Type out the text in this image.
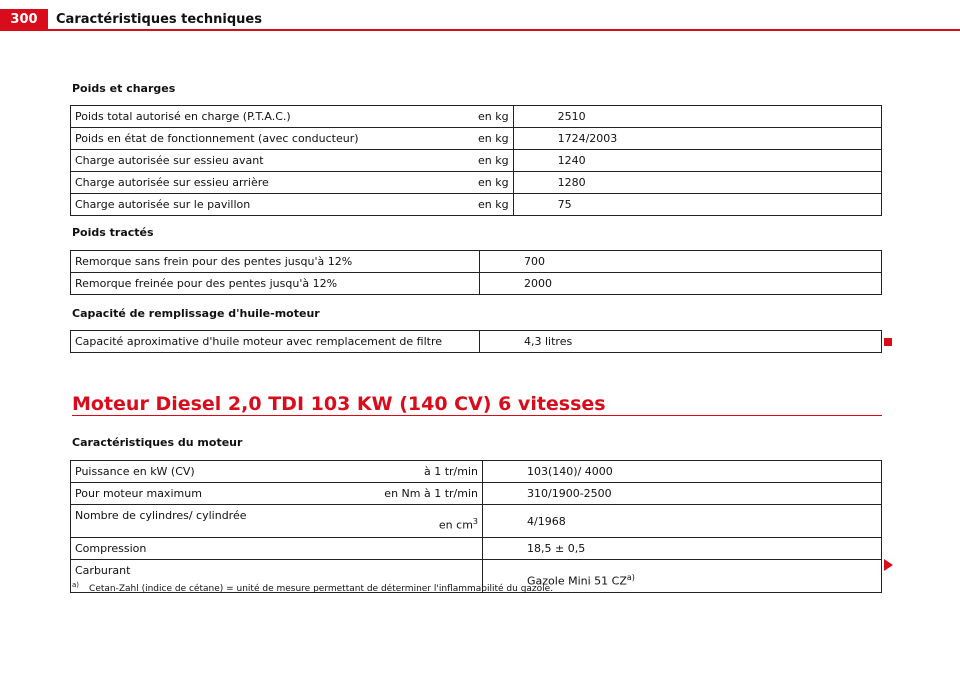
300	Caractéristiques techniques
Poids et charges
Poids total autorisé en charge (P.T.A.C.)	en kg	2510
Poids en état de fonctionnement (avec conducteur)	en kg	1724/2003
Charge autorisée sur essieu avant	en kg	1240
Charge autorisée sur essieu arrière	en kg	1280
Charge autorisée sur le pavillon	en kg	75
Poids tractés
Remorque sans frein pour des pentes jusqu'à 12%	700
Remorque freinée pour des pentes jusqu'à 12%	2000
Capacité de remplissage d'huile-moteur
Capacité aproximative d'huile moteur avec remplacement de filtre	4,3 litres
Moteur Diesel 2,0 TDI 103 KW (140 CV) 6 vitesses
Caractéristiques du moteur
Puissance en kW (CV)	à 1 tr/min	103(140)/ 4000
Pour moteur maximum	en Nm à 1 tr/min	310/1900-2500
Nombre de cylindres/ cylindrée	en $cm^3$	4/1968
Compression		18,5 ± 0,5
Carburant		Gazole Mini 51 CZ$^{a)}$
$^{a)}$ Cetan-Zahl (indice de cétane) = unité de mesure permettant de déterminer l'inflammabilité du gazole.
